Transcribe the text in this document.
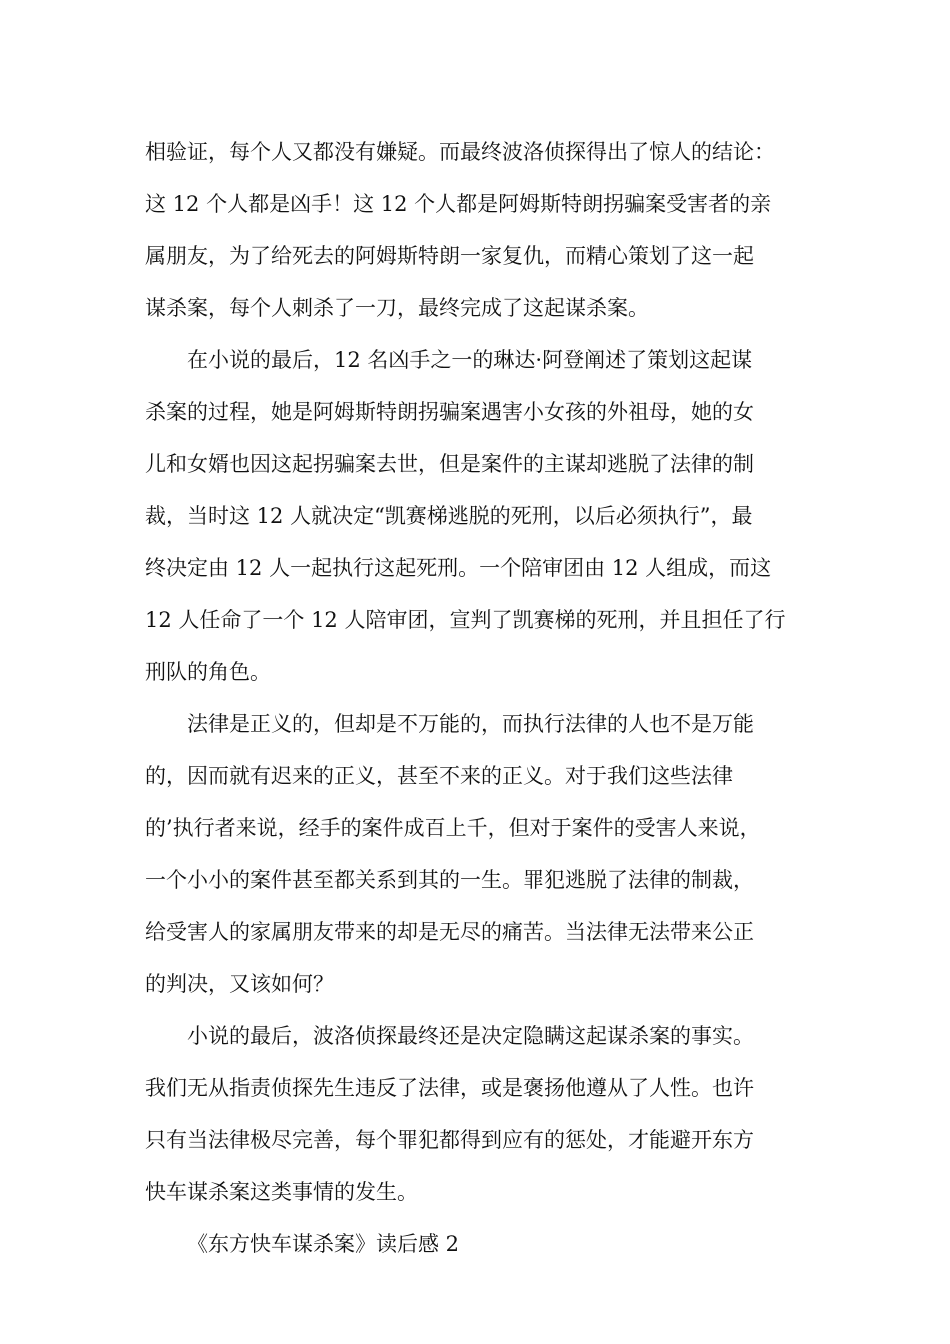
相验证，每个人又都没有嫌疑。而最终波洛侦探得出了惊人的结论：
这 12 个人都是凶手！这 12 个人都是阿姆斯特朗拐骗案受害者的亲
属朋友，为了给死去的阿姆斯特朗一家复仇，而精心策划了这一起
谋杀案，每个人刺杀了一刀，最终完成了这起谋杀案。
在小说的最后，12 名凶手之一的琳达·阿登阐述了策划这起谋
杀案的过程，她是阿姆斯特朗拐骗案遇害小女孩的外祖母，她的女
儿和女婿也因这起拐骗案去世，但是案件的主谋却逃脱了法律的制
裁，当时这 12 人就决定“凯赛梯逃脱的死刑，以后必须执行”，最
终决定由 12 人一起执行这起死刑。一个陪审团由 12 人组成，而这
12 人任命了一个 12 人陪审团，宣判了凯赛梯的死刑，并且担任了行
刑队的角色。
法律是正义的，但却是不万能的，而执行法律的人也不是万能
的，因而就有迟来的正义，甚至不来的正义。对于我们这些法律
的’执行者来说，经手的案件成百上千，但对于案件的受害人来说，
一个小小的案件甚至都关系到其的一生。罪犯逃脱了法律的制裁，
给受害人的家属朋友带来的却是无尽的痛苦。当法律无法带来公正
的判决，又该如何？
小说的最后，波洛侦探最终还是决定隐瞒这起谋杀案的事实。
我们无从指责侦探先生违反了法律，或是褒扬他遵从了人性。也许
只有当法律极尽完善，每个罪犯都得到应有的惩处，才能避开东方
快车谋杀案这类事情的发生。
《东方快车谋杀案》读后感 2
